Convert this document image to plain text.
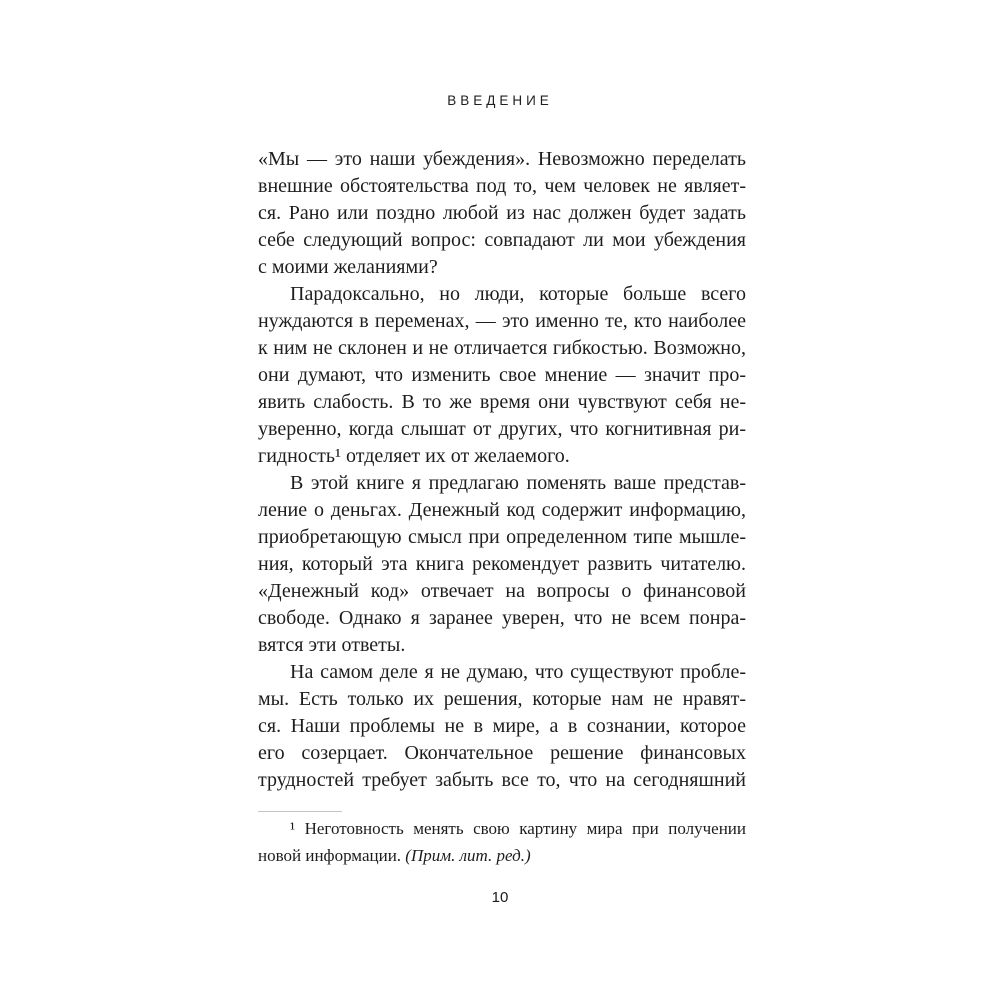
ВВЕДЕНИЕ
«Мы — это наши убеждения». Невозможно переделать
внешние обстоятельства под то, чем человек не являет-
ся. Рано или поздно любой из нас должен будет задать
себе следующий вопрос: совпадают ли мои убеждения
с моими желаниями?
Парадоксально, но люди, которые больше всего
нуждаются в переменах, — это именно те, кто наиболее
к ним не склонен и не отличается гибкостью. Возможно,
они думают, что изменить свое мнение — значит про-
явить слабость. В то же время они чувствуют себя не-
уверенно, когда слышат от других, что когнитивная ри-
гидность¹ отделяет их от желаемого.
В этой книге я предлагаю поменять ваше представ-
ление о деньгах. Денежный код содержит информацию,
приобретающую смысл при определенном типе мышле-
ния, который эта книга рекомендует развить читателю.
«Денежный код» отвечает на вопросы о финансовой
свободе. Однако я заранее уверен, что не всем понра-
вятся эти ответы.
На самом деле я не думаю, что существуют пробле-
мы. Есть только их решения, которые нам не нравят-
ся. Наши проблемы не в мире, а в сознании, которое
его созерцает. Окончательное решение финансовых
трудностей требует забыть все то, что на сегодняшний
¹ Неготовность менять свою картину мира при получении
новой информации. (Прим. лит. ред.)
10
